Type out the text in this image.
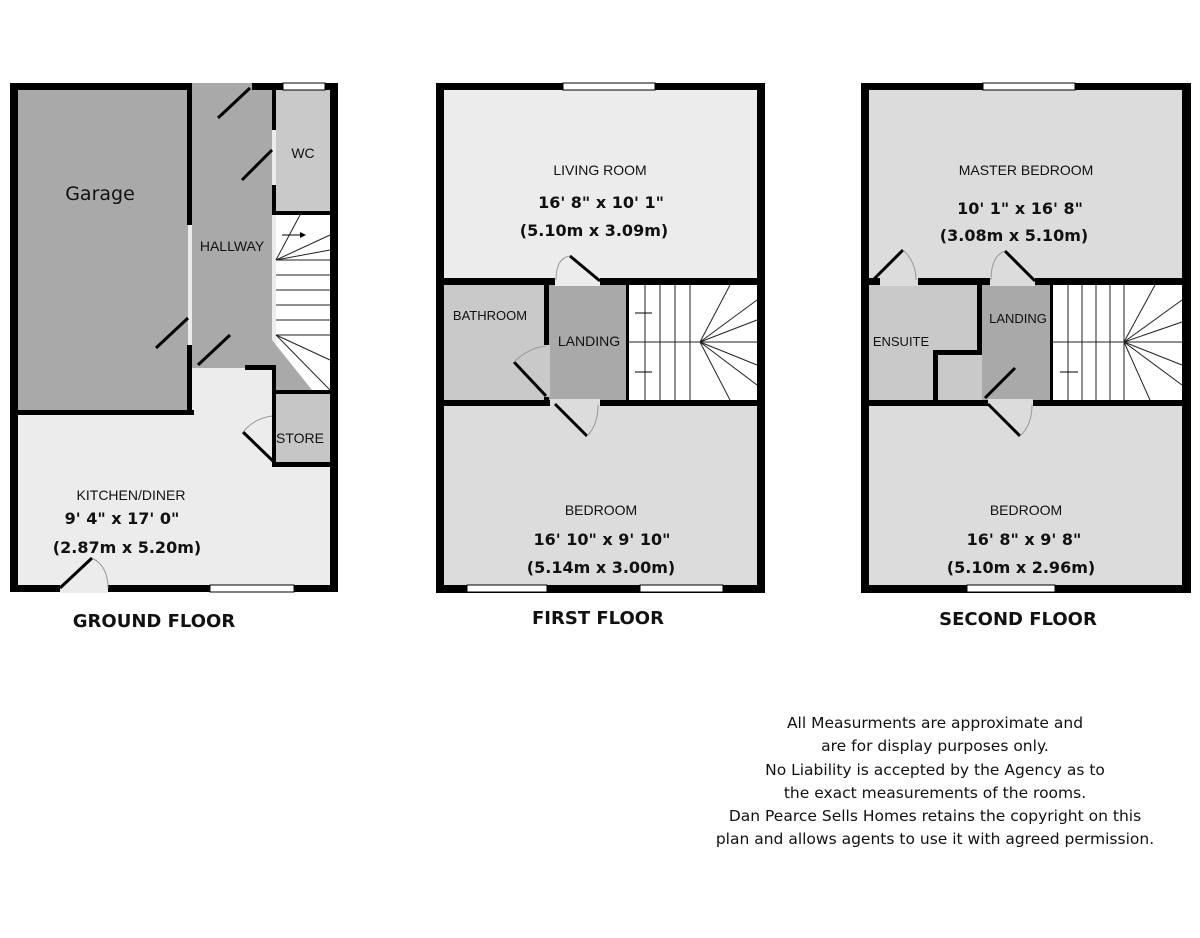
Garage
HALLWAY
WC
STORE
KITCHEN/DINER
9' 4" x 17' 0"
(2.87m x 5.20m)
GROUND FLOOR
LIVING ROOM
16' 8" x 10' 1"
(5.10m x 3.09m)
BATHROOM
LANDING
BEDROOM
16' 10" x 9' 10"
(5.14m x 3.00m)
FIRST FLOOR
MASTER BEDROOM
10' 1" x 16' 8"
(3.08m x 5.10m)
ENSUITE
LANDING
BEDROOM
16' 8" x 9' 8"
(5.10m x 2.96m)
SECOND FLOOR
All Measurments are approximate and
are for display purposes only.
No Liability is accepted by the Agency as to
the exact measurements of the rooms.
Dan Pearce Sells Homes retains the copyright on this
plan and allows agents to use it with agreed permission.
